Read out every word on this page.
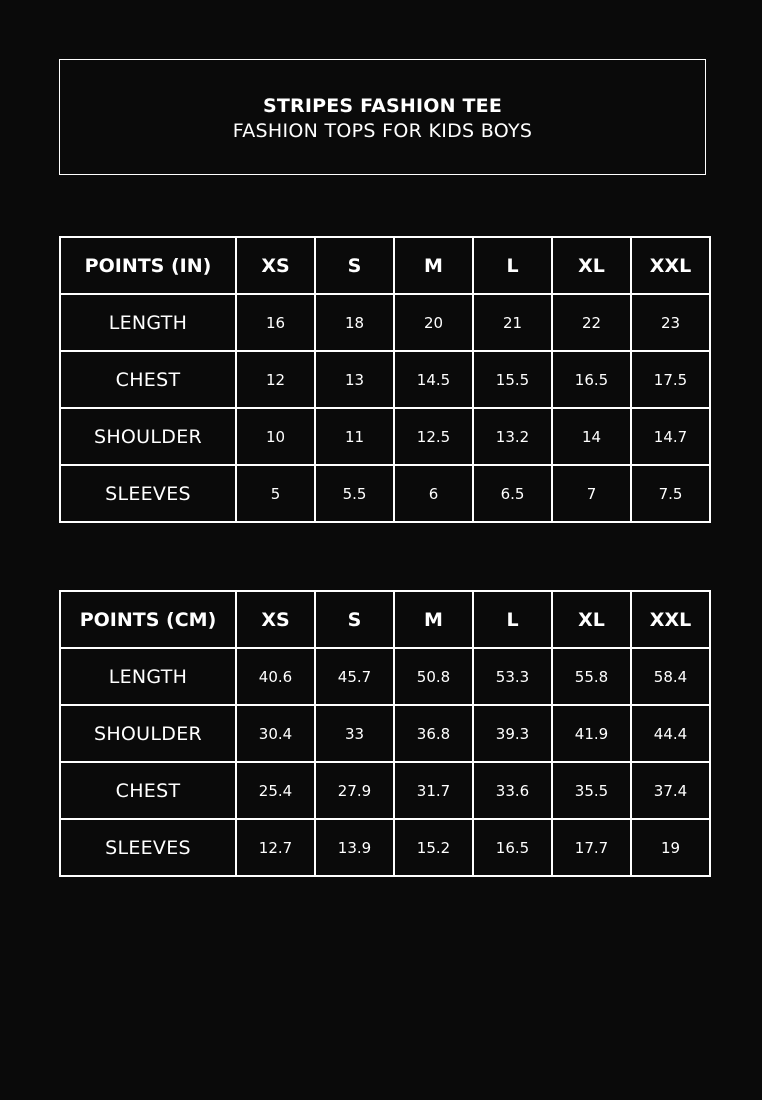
STRIPES FASHION TEE
FASHION TOPS FOR KIDS BOYS
POINTS (IN)	XS	S	M	L	XL	XXL
LENGTH	16	18	20	21	22	23
CHEST	12	13	14.5	15.5	16.5	17.5
SHOULDER	10	11	12.5	13.2	14	14.7
SLEEVES	5	5.5	6	6.5	7	7.5
POINTS (CM)	XS	S	M	L	XL	XXL
LENGTH	40.6	45.7	50.8	53.3	55.8	58.4
SHOULDER	30.4	33	36.8	39.3	41.9	44.4
CHEST	25.4	27.9	31.7	33.6	35.5	37.4
SLEEVES	12.7	13.9	15.2	16.5	17.7	19
